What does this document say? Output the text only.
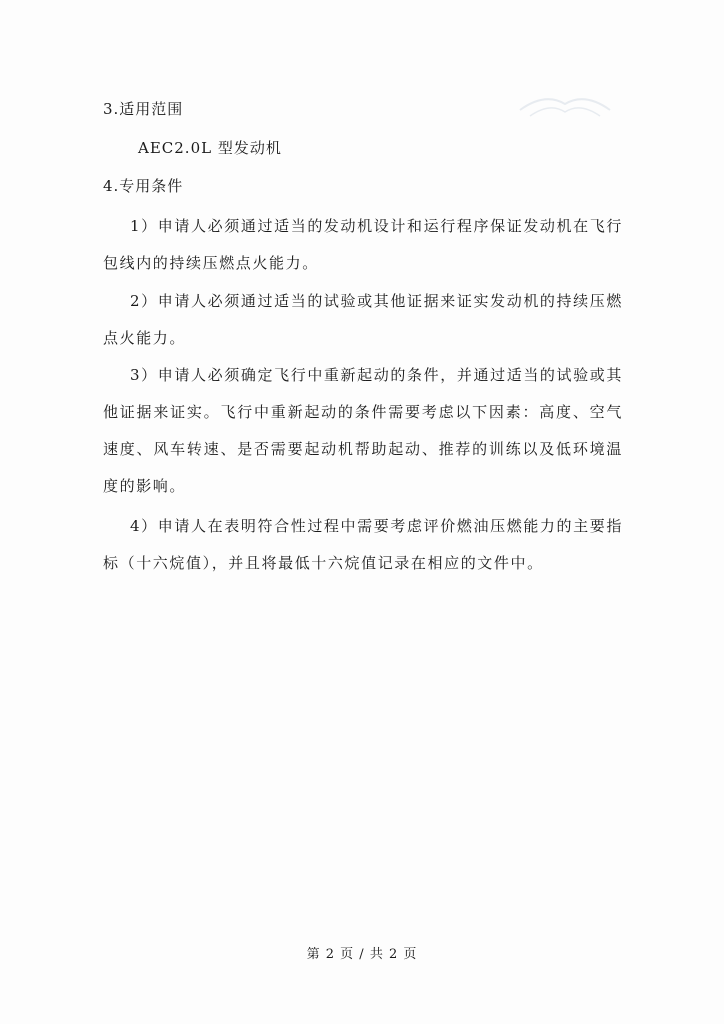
3.适用范围
AEC2.0L 型发动机
4.专用条件
1）申请人必须通过适当的发动机设计和运行程序保证发动机在飞行包线内的持续压燃点火能力。
2）申请人必须通过适当的试验或其他证据来证实发动机的持续压燃点火能力。
3）申请人必须确定飞行中重新起动的条件，并通过适当的试验或其他证据来证实。飞行中重新起动的条件需要考虑以下因素：高度、空气速度、风车转速、是否需要起动机帮助起动、推荐的训练以及低环境温度的影响。
4）申请人在表明符合性过程中需要考虑评价燃油压燃能力的主要指标（十六烷值），并且将最低十六烷值记录在相应的文件中。
第 2 页 / 共 2 页
